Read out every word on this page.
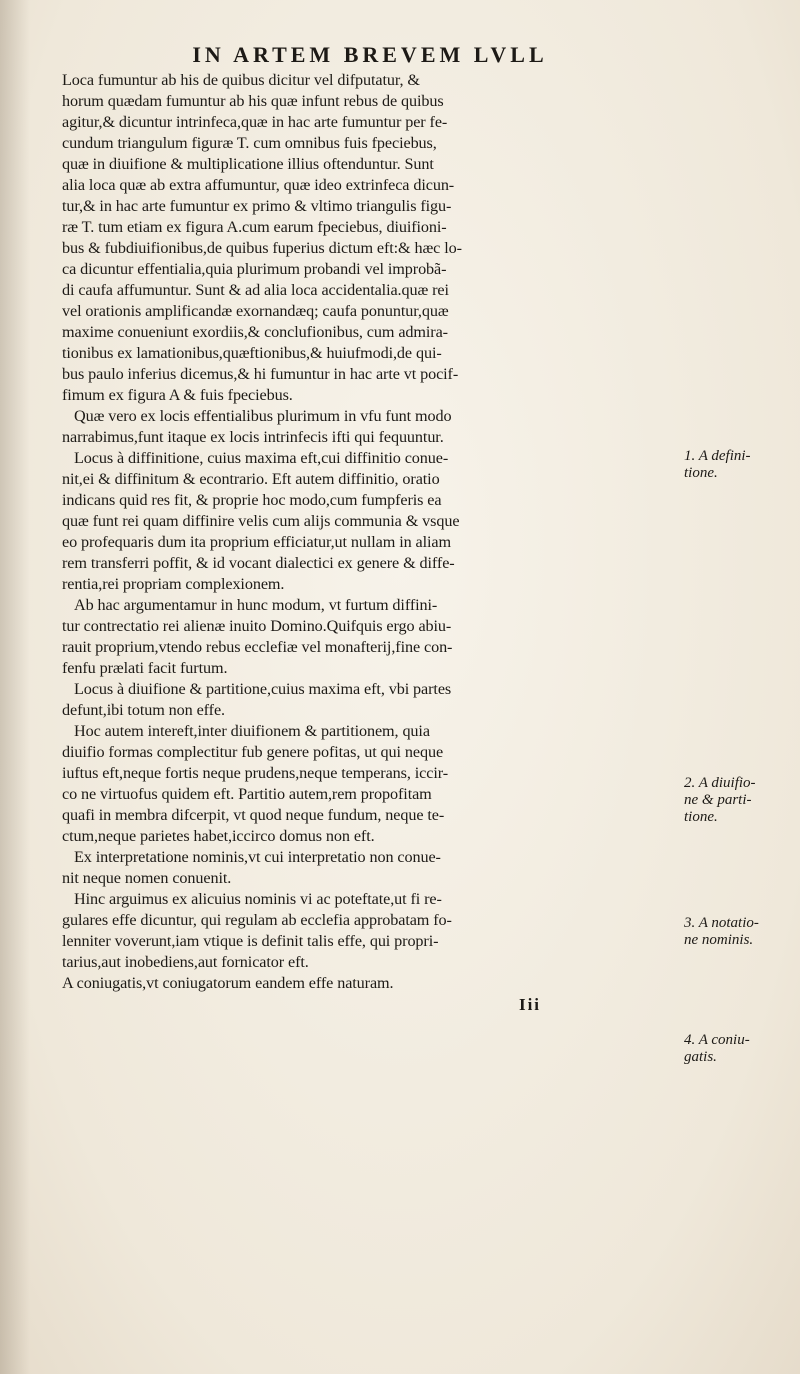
IN ARTEM BREVEM LVLL
Loca fumuntur ab his de quibus dicitur vel difputatur, &
horum quædam fumuntur ab his quæ infunt rebus de quibus
agitur,& dicuntur intrinfeca,quæ in hac arte fumuntur per fe-
cundum triangulum figuræ T. cum omnibus fuis fpeciebus,
quæ in diuifione & multiplicatione illius oftenduntur. Sunt
alia loca quæ ab extra affumuntur, quæ ideo extrinfeca dicun-
tur,& in hac arte fumuntur ex primo & vltimo triangulis figu-
ræ T. tum etiam ex figura A.cum earum fpeciebus, diuifioni-
bus & fubdiuifionibus,de quibus fuperius dictum eft:& hæc lo-
ca dicuntur effentialia,quia plurimum probandi vel improbã-
di caufa affumuntur. Sunt & ad alia loca accidentalia.quæ rei
vel orationis amplificandæ exornandæq; caufa ponuntur,quæ
maxime conueniunt exordiis,& conclufionibus, cum admira-
tionibus ex lamationibus,quæftionibus,& huiufmodi,de qui-
bus paulo inferius dicemus,& hi fumuntur in hac arte vt pocif-
fimum ex figura A & fuis fpeciebus.
Quæ vero ex locis effentialibus plurimum in vfu funt modo
narrabimus,funt itaque ex locis intrinfecis ifti qui fequuntur.
Locus à diffinitione, cuius maxima eft,cui diffinitio conue-
nit,ei & diffinitum & econtrario. Eft autem diffinitio, oratio
indicans quid res fit, & proprie hoc modo,cum fumpferis ea
quæ funt rei quam diffinire velis cum alijs communia & vsque
eo profequaris dum ita proprium efficiatur,ut nullam in aliam
rem transferri poffit, & id vocant dialectici ex genere & diffe-
rentia,rei propriam complexionem.
Ab hac argumentamur in hunc modum, vt furtum diffini-
tur contrectatio rei alienæ inuito Domino.Quifquis ergo abiu-
rauit proprium,vtendo rebus ecclefiæ vel monafterij,fine con-
fenfu prælati facit furtum.
Locus à diuifione & partitione,cuius maxima eft, vbi partes
defunt,ibi totum non effe.
Hoc autem intereft,inter diuifionem & partitionem, quia
diuifio formas complectitur fub genere pofitas, ut qui neque
iuftus eft,neque fortis neque prudens,neque temperans, iccir-
co ne virtuofus quidem eft. Partitio autem,rem propofitam
quafi in membra difcerpit, vt quod neque fundum, neque te-
ctum,neque parietes habet,iccirco domus non eft.
Ex interpretatione nominis,vt cui interpretatio non conue-
nit neque nomen conuenit.
Hinc arguimus ex alicuius nominis vi ac poteftate,ut fi re-
gulares effe dicuntur, qui regulam ab ecclefia approbatam fo-
lenniter voverunt,iam vtique is definit talis effe, qui propri-
tarius,aut inobediens,aut fornicator eft.
A coniugatis,vt coniugatorum eandem effe naturam.
Iii
1. A defini-
tione.
2. A diuifio-
ne & parti-
tione.
3. A notatio-
ne nominis.
4. A coniu-
gatis.
